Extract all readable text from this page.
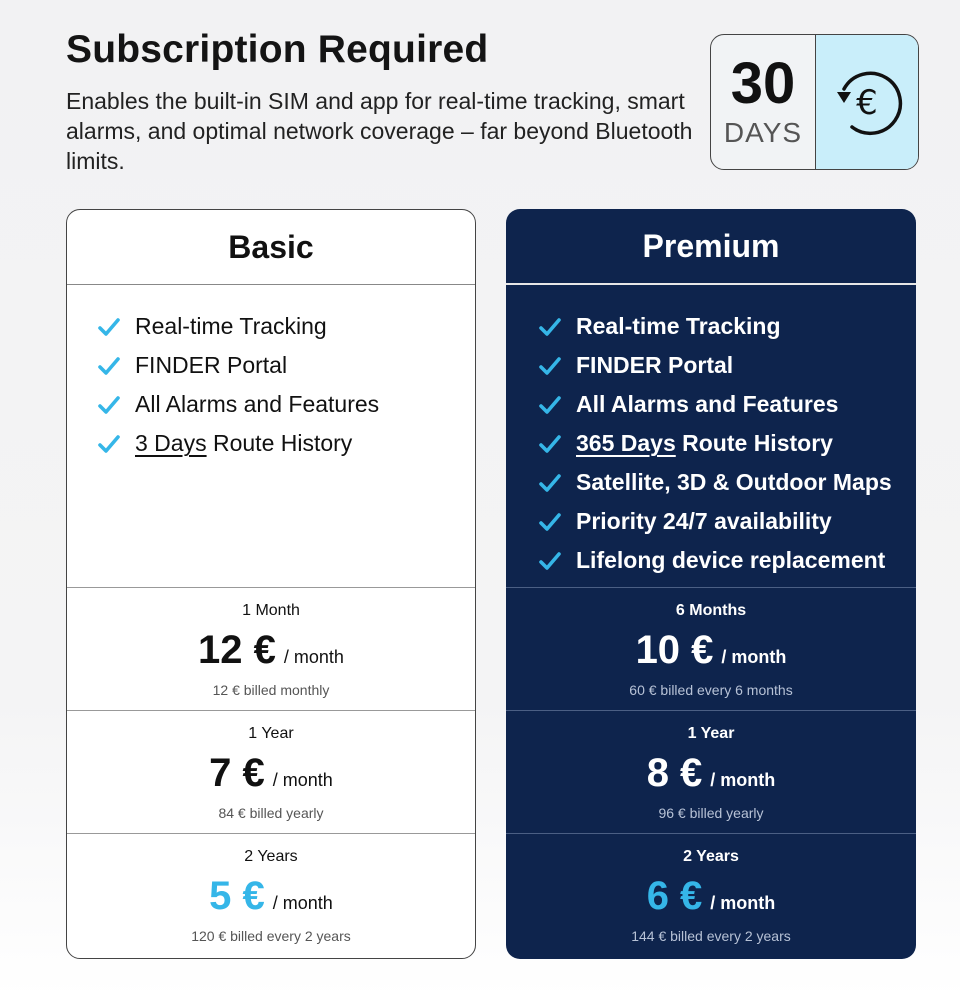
Subscription Required

Enables the built-in SIM and app for real-time tracking, smart alarms, and optimal network coverage – far beyond Bluetooth limits.

30
DAYS
€
Basic
Real-time Tracking
FINDER Portal
All Alarms and Features
3 Days Route History
1 Month
12 € / month
12 € billed monthly
1 Year
7 € / month
84 € billed yearly
2 Years
5 € / month
120 € billed every 2 years
Premium
Real-time Tracking
FINDER Portal
All Alarms and Features
365 Days Route History
Satellite, 3D & Outdoor Maps
Priority 24/7 availability
Lifelong device replacement
6 Months
10 € / month
60 € billed every 6 months
1 Year
8 € / month
96 € billed yearly
2 Years
6 € / month
144 € billed every 2 years
